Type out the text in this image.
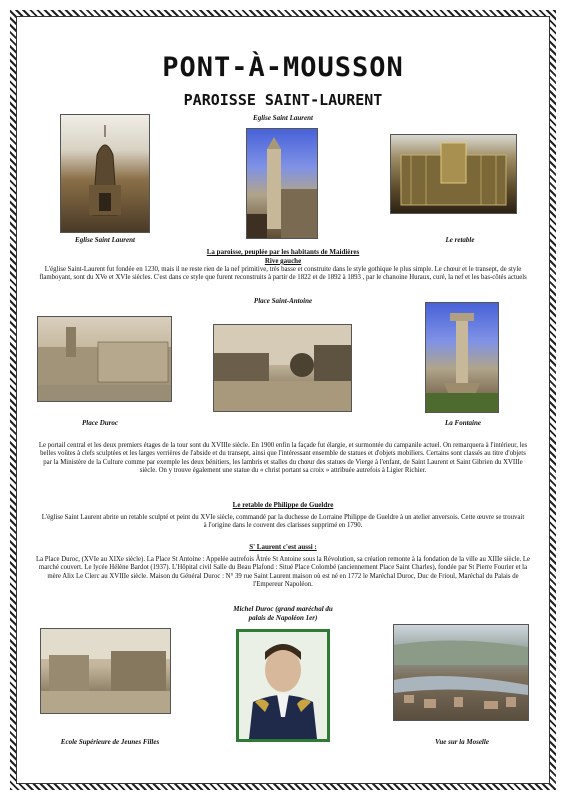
PONT-À-MOUSSON
PAROISSE SAINT-LAURENT
Eglise Saint Laurent
Eglise Saint Laurent	Le retable
La paroisse, peuplée par les habitants de Maidières
Rive gauche
L'église Saint-Laurent fut fondée en 1230, mais il ne reste rien de la nef primitive, très basse et construite dans le style gothique le plus simple. Le chœur et le transept, de style flamboyant, sont du XVe et XVIe siècles. C'est dans ce style que furent reconstruits à partir de 1822 et de 1892 à 1893 , par le chanoine Huraux, curé, la nef et les bas-côtés actuels
Place Saint-Antoine
Place Duroc	La Fontaine
Le portail central et les deux premiers étages de la tour sont du XVIIIe siècle. En 1900 enfin la façade fut élargie, et surmontée du campanile actuel. On remarquera à l'intérieur, les belles voûtes à clefs sculptées et les larges verrières de l'abside et du transept, ainsi que l'intéressant ensemble de statues et d'objets mobiliers. Certains sont classés au titre d'objets par la Ministère de la Culture comme par exemple les deux bénitiers, les lambris et stalles du chœur des statues de Vierge à l'enfant, de Saint Laurent et Saint Gibrien du XVIIIe siècle. On y trouve également une statue du « christ portant sa croix » attribuée autrefois à Ligier Richier.
Le retable de Philippe de Gueldre
L'église Saint Laurent abrite un retable sculpté et peint du XVIe siècle, commandé par la duchesse de Lorraine Philippe de Gueldre à un atelier anversois. Cette œuvre se trouvait à l'origine dans le couvent des clarisses supprimé en 1790.
S' Laurent c'est aussi :
La Place Duroc, (XVIe au XIXe siècle). La Place St Antoine : Appelée autrefois Âtrée St Antoine sous la Révolution, sa création remonte à la fondation de la ville au XIIIe siècle. Le marché couvert. Le lycée Hélène Bardot (1937). L'Hôpital civil Salle du Beau Plafond : Situé Place Colombé (anciennement Place Saint Charles), fondée par St Pierre Fourier et la mère Alix Le Clerc au XVIIIe siècle. Maison du Général Duroc : N° 39 rue Saint Laurent maison où est né en 1772 le Maréchal Duroc, Duc de Frioul, Maréchal du Palais de l'Empereur Napoléon.
Michel Duroc (grand maréchal du
palais de Napoléon 1er)
Ecole Supérieure de Jeunes Filles	Vue sur la Moselle
